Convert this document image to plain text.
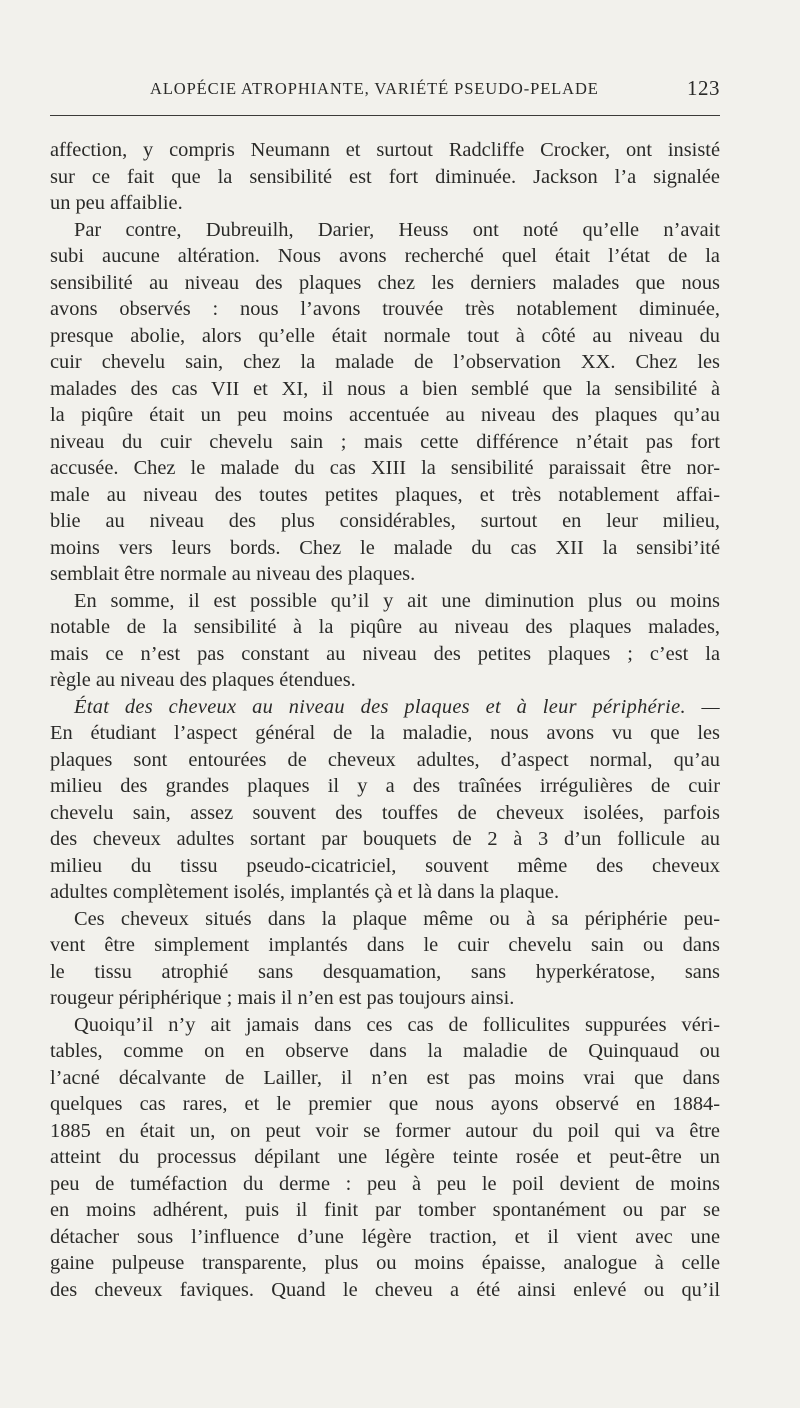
ALOPÉCIE ATROPHIANTE, VARIÉTÉ PSEUDO-PELADE	123

affection, y compris Neumann et surtout Radcliffe Crocker, ont insisté

sur ce fait que la sensibilité est fort diminuée. Jackson l’a signalée

un peu affaiblie.

Par contre, Dubreuilh, Darier, Heuss ont noté qu’elle n’avait

subi aucune altération. Nous avons recherché quel était l’état de la

sensibilité au niveau des plaques chez les derniers malades que nous

avons observés : nous l’avons trouvée très notablement diminuée,

presque abolie, alors qu’elle était normale tout à côté au niveau du

cuir chevelu sain, chez la malade de l’observation XX. Chez les

malades des cas VII et XI, il nous a bien semblé que la sensibilité à

la piqûre était un peu moins accentuée au niveau des plaques qu’au

niveau du cuir chevelu sain ; mais cette différence n’était pas fort

accusée. Chez le malade du cas XIII la sensibilité paraissait être nor-

male au niveau des toutes petites plaques, et très notablement affai-

blie au niveau des plus considérables, surtout en leur milieu,

moins vers leurs bords. Chez le malade du cas XII la sensibi’ité

semblait être normale au niveau des plaques.

En somme, il est possible qu’il y ait une diminution plus ou moins

notable de la sensibilité à la piqûre au niveau des plaques malades,

mais ce n’est pas constant au niveau des petites plaques ; c’est la

règle au niveau des plaques étendues.

État des cheveux au niveau des plaques et à leur périphérie. —

En étudiant l’aspect général de la maladie, nous avons vu que les

plaques sont entourées de cheveux adultes, d’aspect normal, qu’au

milieu des grandes plaques il y a des traînées irrégulières de cuir

chevelu sain, assez souvent des touffes de cheveux isolées, parfois

des cheveux adultes sortant par bouquets de 2 à 3 d’un follicule au

milieu du tissu pseudo-cicatriciel, souvent même des cheveux

adultes complètement isolés, implantés çà et là dans la plaque.

Ces cheveux situés dans la plaque même ou à sa périphérie peu-

vent être simplement implantés dans le cuir chevelu sain ou dans

le tissu atrophié sans desquamation, sans hyperkératose, sans

rougeur périphérique ; mais il n’en est pas toujours ainsi.

Quoiqu’il n’y ait jamais dans ces cas de folliculites suppurées véri-

tables, comme on en observe dans la maladie de Quinquaud ou

l’acné décalvante de Lailler, il n’en est pas moins vrai que dans

quelques cas rares, et le premier que nous ayons observé en 1884-

1885 en était un, on peut voir se former autour du poil qui va être

atteint du processus dépilant une légère teinte rosée et peut-être un

peu de tuméfaction du derme : peu à peu le poil devient de moins

en moins adhérent, puis il finit par tomber spontanément ou par se

détacher sous l’influence d’une légère traction, et il vient avec une

gaine pulpeuse transparente, plus ou moins épaisse, analogue à celle

des cheveux faviques. Quand le cheveu a été ainsi enlevé ou qu’il
